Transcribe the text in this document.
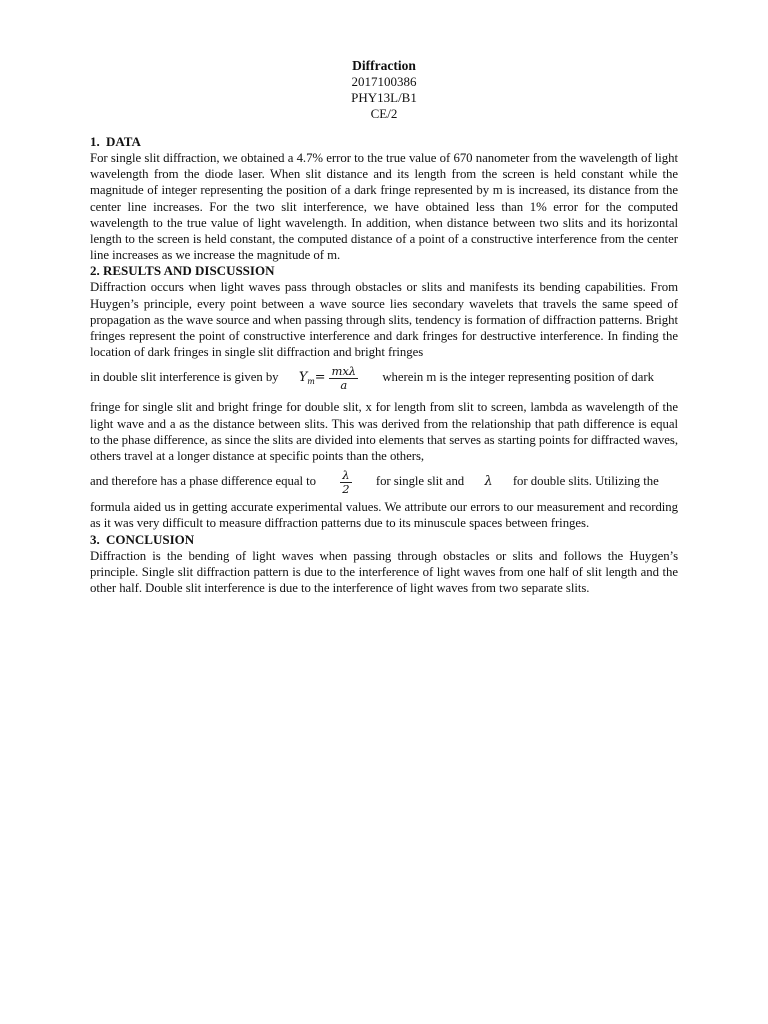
Diffraction
2017100386
PHY13L/B1
CE/2
1. DATA

For single slit diffraction, we obtained a 4.7% error to the true value of 670 nanometer from the wavelength of light wavelength from the diode laser. When slit distance and its length from the screen is held constant while the magnitude of integer representing the position of a dark fringe represented by m is increased, its distance from the center line increases. For the two slit interference, we have obtained less than 1% error for the computed wavelength to the true value of light wavelength. In addition, when distance between two slits and its horizontal length to the screen is held constant, the computed distance of a point of a constructive interference from the center line increases as we increase the magnitude of m.

2. RESULTS AND DISCUSSION

Diffraction occurs when light waves pass through obstacles or slits and manifests its bending capabilities. From Huygen’s principle, every point between a wave source lies secondary wavelets that travels the same speed of propagation as the wave source and when passing through slits, tendency is formation of diffraction patterns. Bright fringes represent the point of constructive interference and dark fringes for destructive interference. In finding the location of dark fringes in single slit diffraction and bright fringes

in double slit interference is given by $Y_m= \frac{\text{mxλ}}{a}$ wherein m is the integer representing position of dark

fringe for single slit and bright fringe for double slit, x for length from slit to screen, lambda as wavelength of the light wave and a as the distance between slits. This was derived from the relationship that path difference is equal to the phase difference, as since the slits are divided into elements that serves as starting points for diffracted waves, others travel at a longer distance at specific points than the others,

and therefore has a phase difference equal to $\frac{\lambda}{2}$ for single slit and λ for double slits. Utilizing the

formula aided us in getting accurate experimental values. We attribute our errors to our measurement and recording as it was very difficult to measure diffraction patterns due to its minuscule spaces between fringes.

3. CONCLUSION

Diffraction is the bending of light waves when passing through obstacles or slits and follows the Huygen’s principle. Single slit diffraction pattern is due to the interference of light waves from one half of slit length and the other half. Double slit interference is due to the interference of light waves from two separate slits.
